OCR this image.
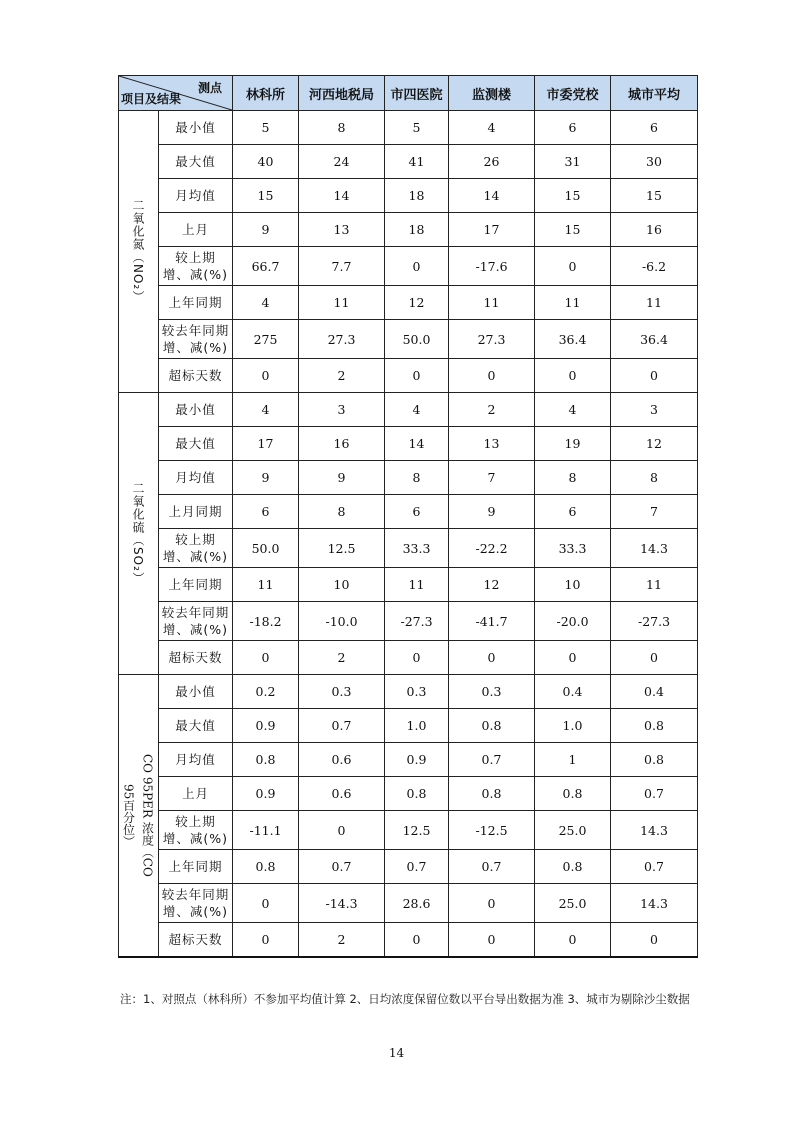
测点
项目及结果		林科所	河西地税局	市四医院	监测楼	市委党校	城市平均

二氧化氮（NO₂）	最小值	5	8	5	4	6	6

	最大值	40	24	41	26	31	30

	月均值	15	14	18	14	15	15

	上月	9	13	18	17	15	16

	较上期
增、减(%)	66.7	7.7	0	-17.6	0	-6.2

	上年同期	4	11	12	11	11	11

	较去年同期
增、减(%)	275	27.3	50.0	27.3	36.4	36.4

	超标天数	0	2	0	0	0	0

二氧化硫（SO₂）	最小值	4	3	4	2	4	3

	最大值	17	16	14	13	19	12

	月均值	9	9	8	7	8	8

	上月同期	6	8	6	9	6	7

	较上期
增、减(%)	50.0	12.5	33.3	-22.2	33.3	14.3

	上年同期	11	10	11	12	10	11

	较去年同期
增、减(%)	-18.2	-10.0	-27.3	-41.7	-20.0	-27.3

	超标天数	0	2	0	0	0	0

CO 95PER 浓度（CO
95百分位）	最小值	0.2	0.3	0.3	0.3	0.4	0.4

	最大值	0.9	0.7	1.0	0.8	1.0	0.8

	月均值	0.8	0.6	0.9	0.7	1	0.8

	上月	0.9	0.6	0.8	0.8	0.8	0.7

	较上期
增、减(%)	-11.1	0	12.5	-12.5	25.0	14.3

	上年同期	0.8	0.7	0.7	0.7	0.8	0.7

	较去年同期
增、减(%)	0	-14.3	28.6	0	25.0	14.3

	超标天数	0	2	0	0	0	0
注：1、对照点（林科所）不参加平均值计算 2、日均浓度保留位数以平台导出数据为准 3、城市为剔除沙尘数据
14
